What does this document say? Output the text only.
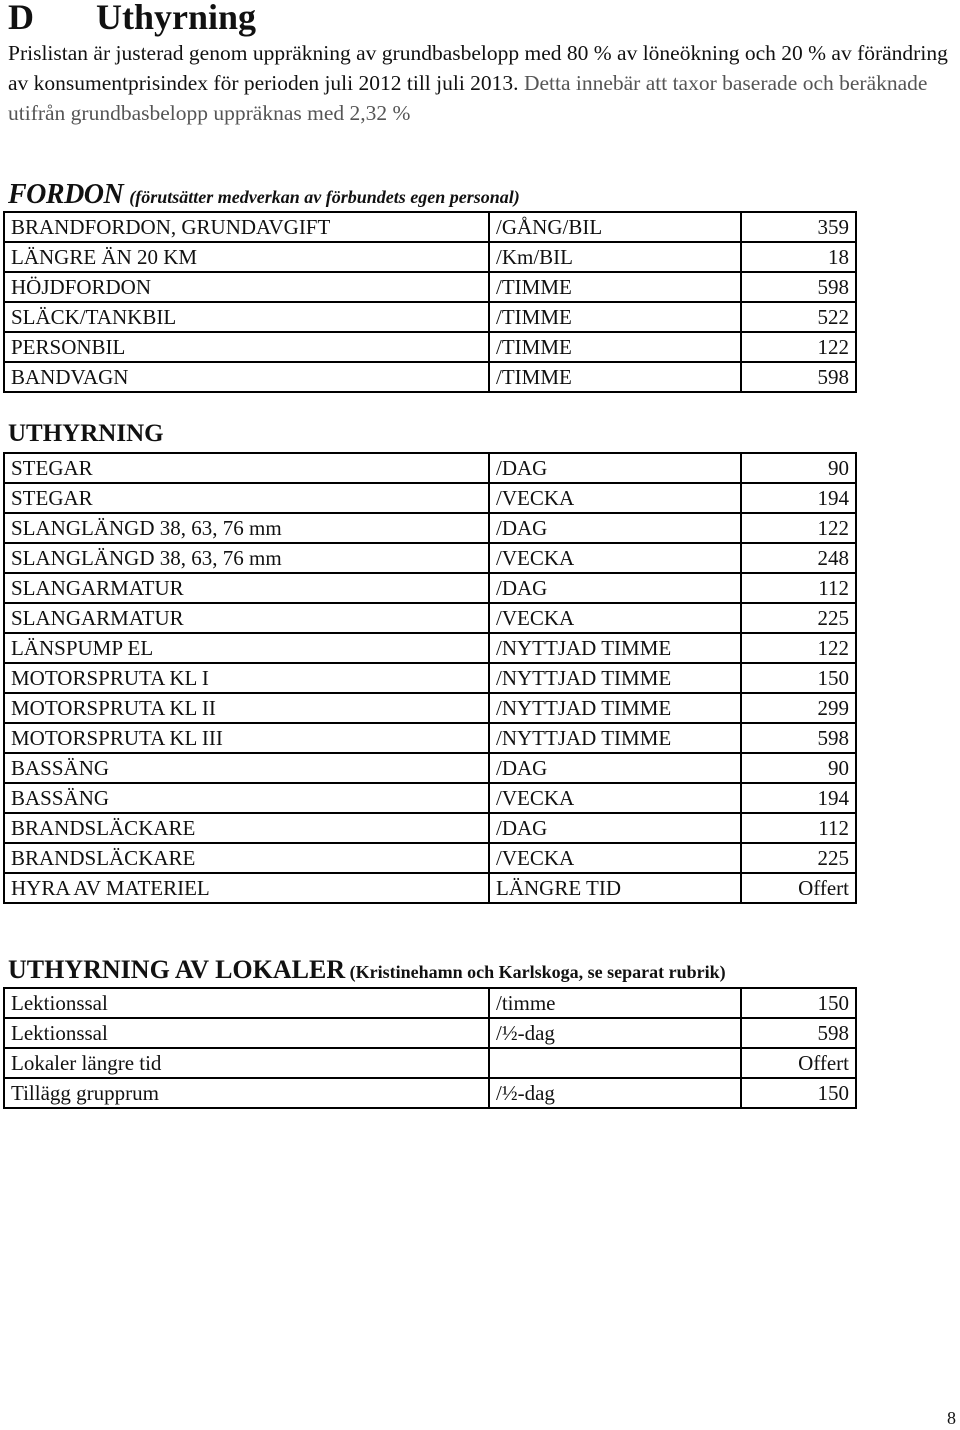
D Uthyrning
Prislistan är justerad genom uppräkning av grundbasbelopp med 80 % av löneökning och 20 % av förändring av konsumentprisindex för perioden juli 2012 till juli 2013. Detta innebär att taxor baserade och beräknade utifrån grundbasbelopp uppräknas med 2,32 %
FORDON (förutsätter medverkan av förbundets egen personal)
BRANDFORDON, GRUNDAVGIFT	/GÅNG/BIL	359
LÄNGRE ÄN 20 KM	/Km/BIL	18
HÖJDFORDON	/TIMME	598
SLÄCK/TANKBIL	/TIMME	522
PERSONBIL	/TIMME	122
BANDVAGN	/TIMME	598
UTHYRNING
STEGAR	/DAG	90
STEGAR	/VECKA	194
SLANGLÄNGD 38, 63, 76 mm	/DAG	122
SLANGLÄNGD 38, 63, 76 mm	/VECKA	248
SLANGARMATUR	/DAG	112
SLANGARMATUR	/VECKA	225
LÄNSPUMP EL	/NYTTJAD TIMME	122
MOTORSPRUTA KL I	/NYTTJAD TIMME	150
MOTORSPRUTA KL II	/NYTTJAD TIMME	299
MOTORSPRUTA KL III	/NYTTJAD TIMME	598
BASSÄNG	/DAG	90
BASSÄNG	/VECKA	194
BRANDSLÄCKARE	/DAG	112
BRANDSLÄCKARE	/VECKA	225
HYRA AV MATERIEL	LÄNGRE TID	Offert
UTHYRNING AV LOKALER (Kristinehamn och Karlskoga, se separat rubrik)
Lektionssal	/timme	150
Lektionssal	/½-dag	598
Lokaler längre tid		Offert
Tillägg grupprum	/½-dag	150
8
